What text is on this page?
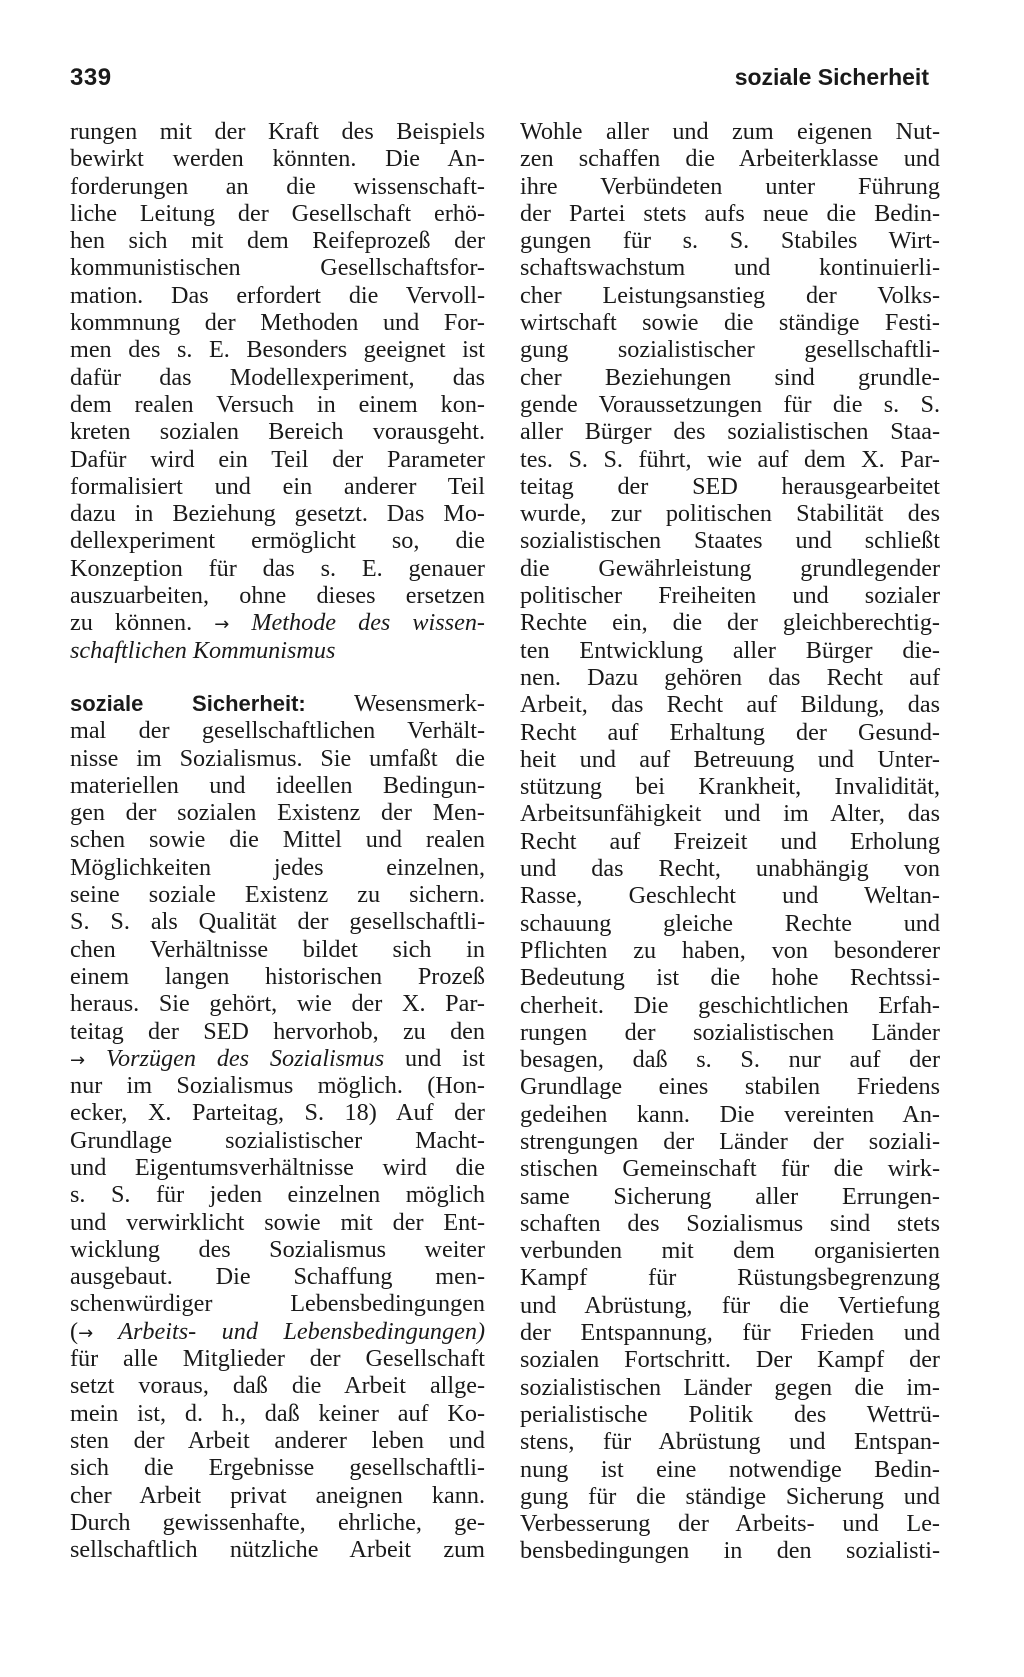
339	soziale Sicherheit
rungen mit der Kraft des Beispiels
bewirkt werden könnten. Die An-
forderungen an die wissenschaft-
liche Leitung der Gesellschaft erhö-
hen sich mit dem Reifeprozeß der
kommunistischen Gesellschaftsfor-
mation. Das erfordert die Vervoll-
kommnung der Methoden und For-
men des s. E. Besonders geeignet ist
dafür das Modellexperiment, das
dem realen Versuch in einem kon-
kreten sozialen Bereich vorausgeht.
Dafür wird ein Teil der Parameter
formalisiert und ein anderer Teil
dazu in Beziehung gesetzt. Das Mo-
dellexperiment ermöglicht so, die
Konzeption für das s. E. genauer
auszuarbeiten, ohne dieses ersetzen
zu können. → Methode des wissen-
schaftlichen Kommunismus
soziale Sicherheit: Wesensmerk-
mal der gesellschaftlichen Verhält-
nisse im Sozialismus. Sie umfaßt die
materiellen und ideellen Bedingun-
gen der sozialen Existenz der Men-
schen sowie die Mittel und realen
Möglichkeiten jedes einzelnen,
seine soziale Existenz zu sichern.
S. S. als Qualität der gesellschaftli-
chen Verhältnisse bildet sich in
einem langen historischen Prozeß
heraus. Sie gehört, wie der X. Par-
teitag der SED hervorhob, zu den
→ Vorzügen des Sozialismus und ist
nur im Sozialismus möglich. (Hon-
ecker, X. Parteitag, S. 18) Auf der
Grundlage sozialistischer Macht-
und Eigentumsverhältnisse wird die
s. S. für jeden einzelnen möglich
und verwirklicht sowie mit der Ent-
wicklung des Sozialismus weiter
ausgebaut. Die Schaffung men-
schenwürdiger Lebensbedingungen
(→ Arbeits- und Lebensbedingungen)
für alle Mitglieder der Gesellschaft
setzt voraus, daß die Arbeit allge-
mein ist, d. h., daß keiner auf Ko-
sten der Arbeit anderer leben und
sich die Ergebnisse gesellschaftli-
cher Arbeit privat aneignen kann.
Durch gewissenhafte, ehrliche, ge-
sellschaftlich nützliche Arbeit zum
Wohle aller und zum eigenen Nut-
zen schaffen die Arbeiterklasse und
ihre Verbündeten unter Führung
der Partei stets aufs neue die Bedin-
gungen für s. S. Stabiles Wirt-
schaftswachstum und kontinuierli-
cher Leistungsanstieg der Volks-
wirtschaft sowie die ständige Festi-
gung sozialistischer gesellschaftli-
cher Beziehungen sind grundle-
gende Voraussetzungen für die s. S.
aller Bürger des sozialistischen Staa-
tes. S. S. führt, wie auf dem X. Par-
teitag der SED herausgearbeitet
wurde, zur politischen Stabilität des
sozialistischen Staates und schließt
die Gewährleistung grundlegender
politischer Freiheiten und sozialer
Rechte ein, die der gleichberechtig-
ten Entwicklung aller Bürger die-
nen. Dazu gehören das Recht auf
Arbeit, das Recht auf Bildung, das
Recht auf Erhaltung der Gesund-
heit und auf Betreuung und Unter-
stützung bei Krankheit, Invalidität,
Arbeitsunfähigkeit und im Alter, das
Recht auf Freizeit und Erholung
und das Recht, unabhängig von
Rasse, Geschlecht und Weltan-
schauung gleiche Rechte und
Pflichten zu haben, von besonderer
Bedeutung ist die hohe Rechtssi-
cherheit. Die geschichtlichen Erfah-
rungen der sozialistischen Länder
besagen, daß s. S. nur auf der
Grundlage eines stabilen Friedens
gedeihen kann. Die vereinten An-
strengungen der Länder der soziali-
stischen Gemeinschaft für die wirk-
same Sicherung aller Errungen-
schaften des Sozialismus sind stets
verbunden mit dem organisierten
Kampf für Rüstungsbegrenzung
und Abrüstung, für die Vertiefung
der Entspannung, für Frieden und
sozialen Fortschritt. Der Kampf der
sozialistischen Länder gegen die im-
perialistische Politik des Wettrü-
stens, für Abrüstung und Entspan-
nung ist eine notwendige Bedin-
gung für die ständige Sicherung und
Verbesserung der Arbeits- und Le-
bensbedingungen in den sozialisti-
